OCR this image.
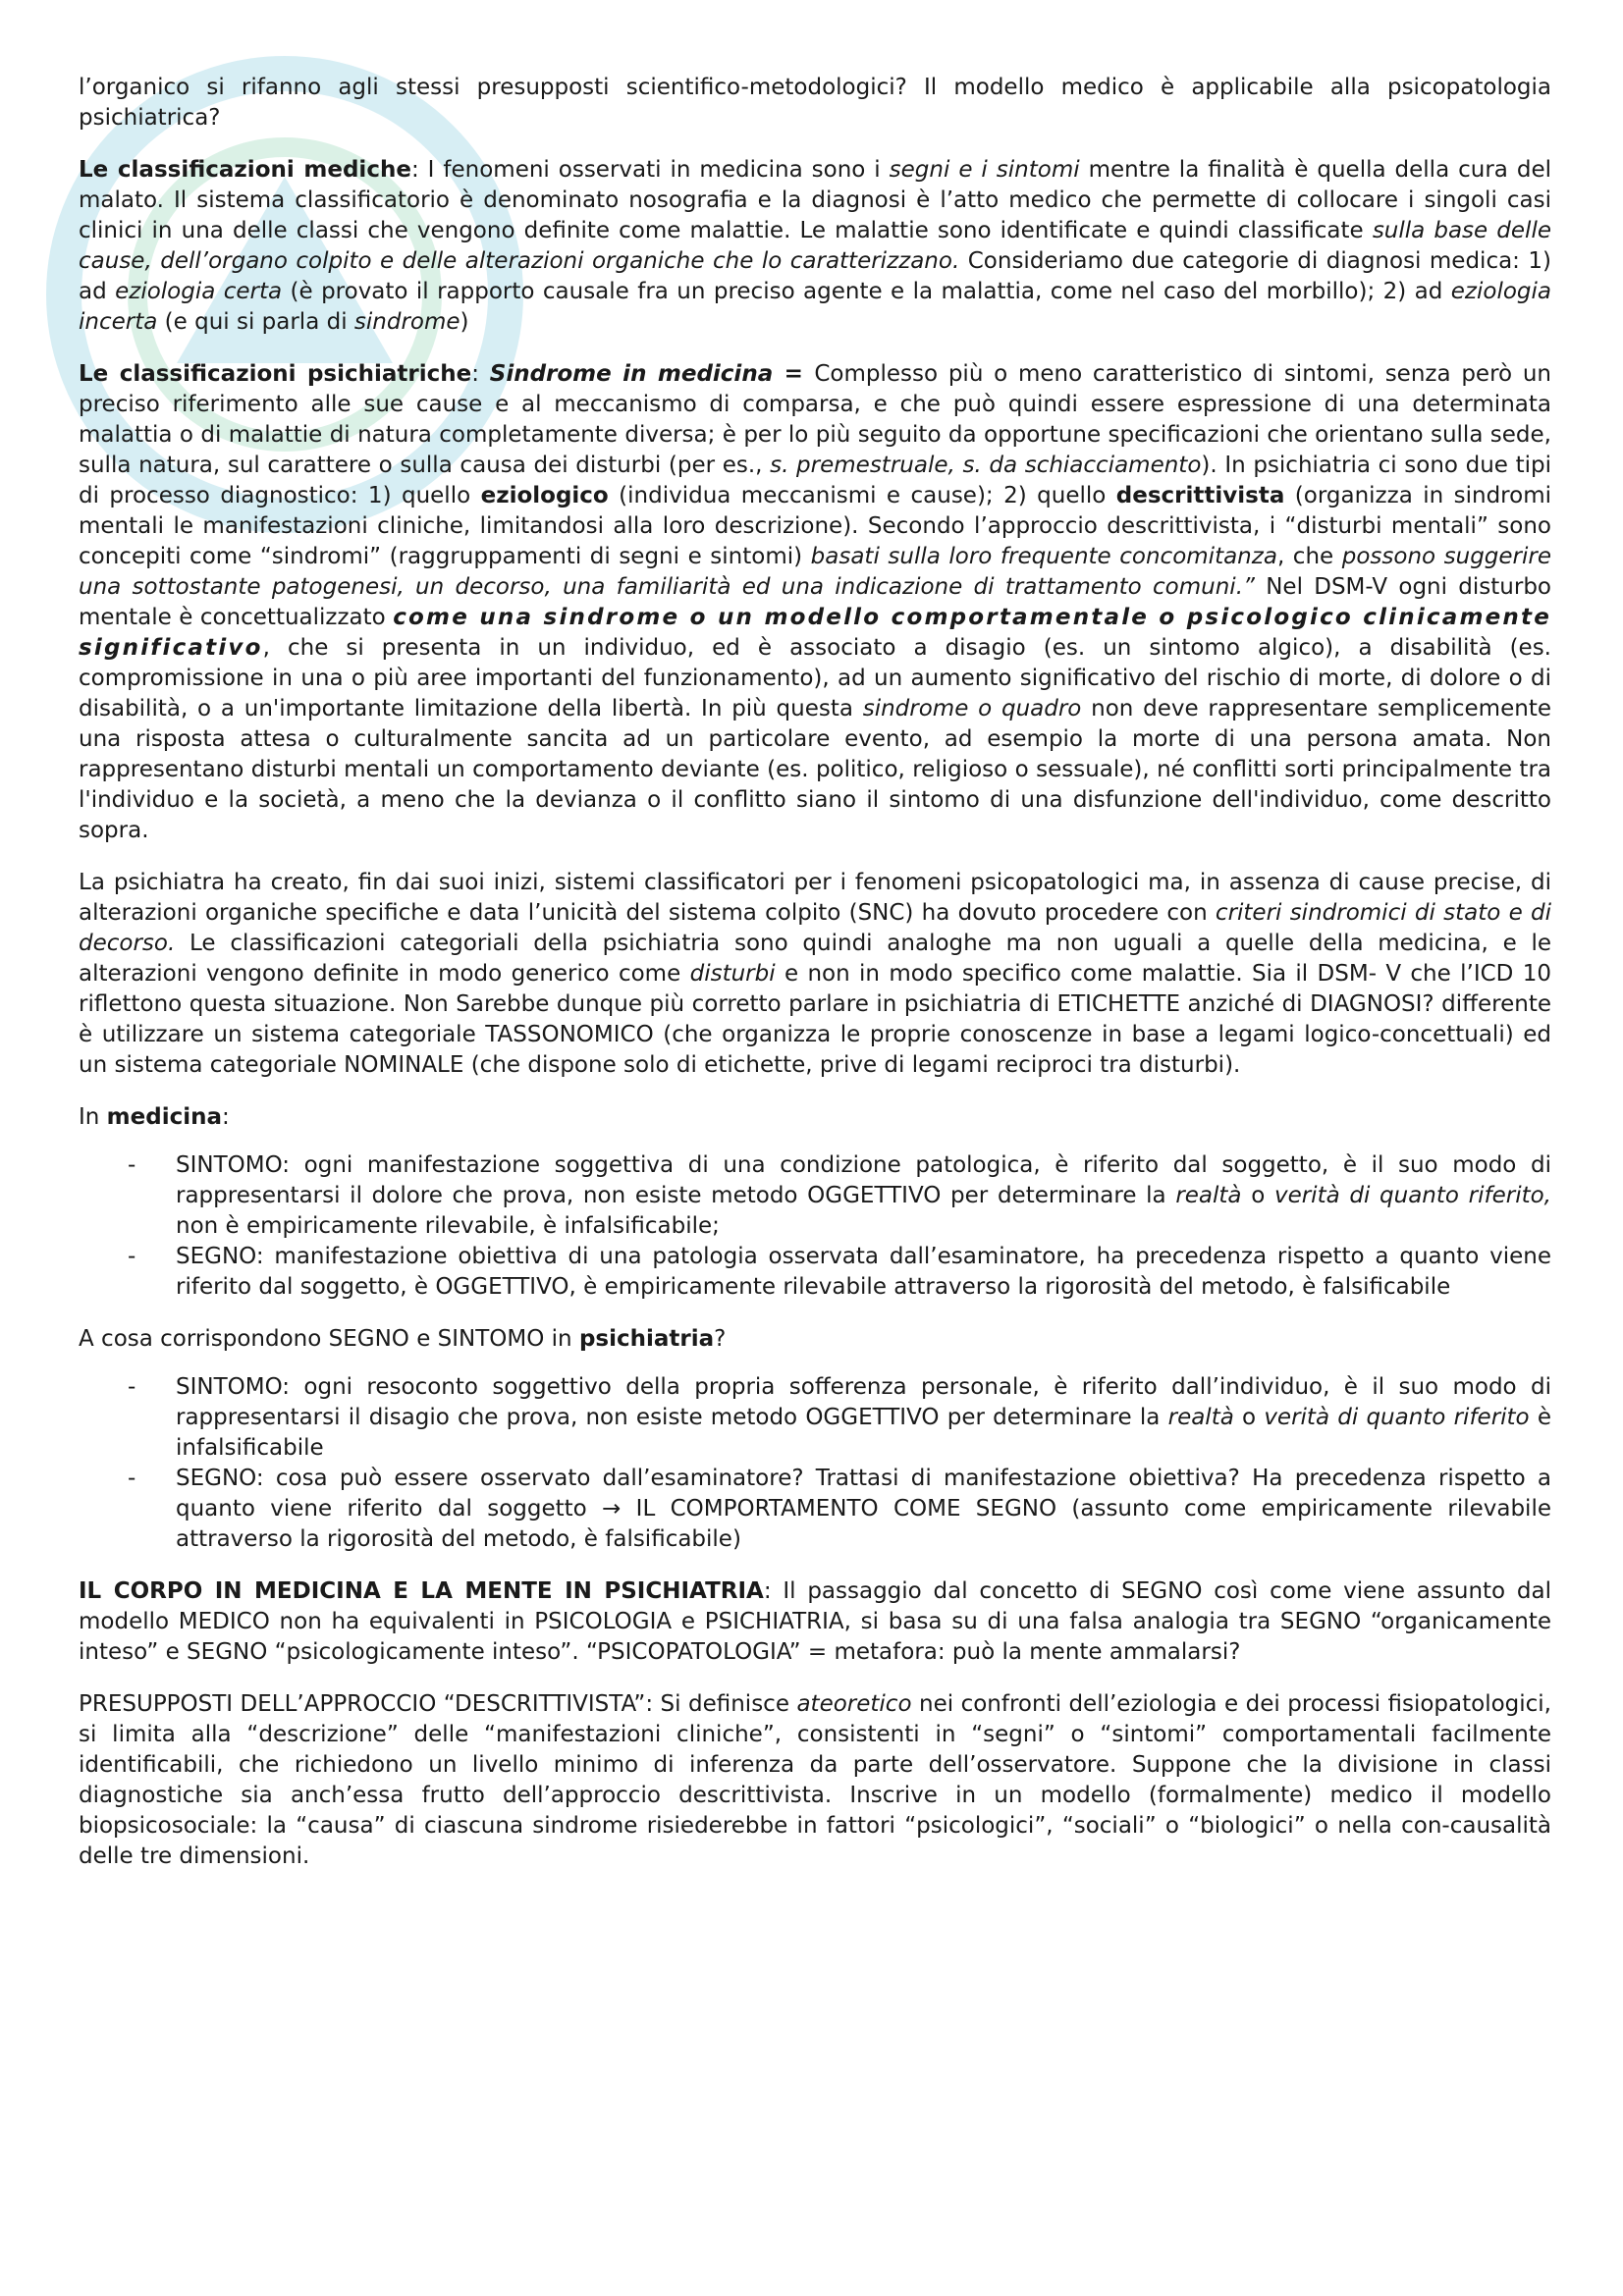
l’organico si rifanno agli stessi presupposti scientifico-metodologici? Il modello medico è applicabile alla psicopatologia psichiatrica?

Le classificazioni mediche: I fenomeni osservati in medicina sono i segni e i sintomi mentre la finalità è quella della cura del malato. Il sistema classificatorio è denominato nosografia e la diagnosi è l’atto medico che permette di collocare i singoli casi clinici in una delle classi che vengono definite come malattie. Le malattie sono identificate e quindi classificate sulla base delle cause, dell’organo colpito e delle alterazioni organiche che lo caratterizzano. Consideriamo due categorie di diagnosi medica: 1) ad eziologia certa (è provato il rapporto causale fra un preciso agente e la malattia, come nel caso del morbillo); 2) ad eziologia incerta (e qui si parla di sindrome)

Le classificazioni psichiatriche: Sindrome in medicina = Complesso più o meno caratteristico di sintomi, senza però un preciso riferimento alle sue cause e al meccanismo di comparsa, e che può quindi essere espressione di una determinata malattia o di malattie di natura completamente diversa; è per lo più seguito da opportune specificazioni che orientano sulla sede, sulla natura, sul carattere o sulla causa dei disturbi (per es., s. premestruale, s. da schiacciamento). In psichiatria ci sono due tipi di processo diagnostico: 1) quello eziologico (individua meccanismi e cause); 2) quello descrittivista (organizza in sindromi mentali le manifestazioni cliniche, limitandosi alla loro descrizione). Secondo l’approccio descrittivista, i “disturbi mentali” sono concepiti come “sindromi” (raggruppamenti di segni e sintomi) basati sulla loro frequente concomitanza, che possono suggerire una sottostante patogenesi, un decorso, una familiarità ed una indicazione di trattamento comuni.” Nel DSM-V ogni disturbo mentale è concettualizzato come una sindrome o un modello comportamentale o psicologico clinicamente significativo, che si presenta in un individuo, ed è associato a disagio (es. un sintomo algico), a disabilità (es. compromissione in una o più aree importanti del funzionamento), ad un aumento significativo del rischio di morte, di dolore o di disabilità, o a un'importante limitazione della libertà. In più questa sindrome o quadro non deve rappresentare semplicemente una risposta attesa o culturalmente sancita ad un particolare evento, ad esempio la morte di una persona amata. Non rappresentano disturbi mentali un comportamento deviante (es. politico, religioso o sessuale), né conflitti sorti principalmente tra l'individuo e la società, a meno che la devianza o il conflitto siano il sintomo di una disfunzione dell'individuo, come descritto sopra.

La psichiatra ha creato, fin dai suoi inizi, sistemi classificatori per i fenomeni psicopatologici ma, in assenza di cause precise, di alterazioni organiche specifiche e data l’unicità del sistema colpito (SNC) ha dovuto procedere con criteri sindromici di stato e di decorso. Le classificazioni categoriali della psichiatria sono quindi analoghe ma non uguali a quelle della medicina, e le alterazioni vengono definite in modo generico come disturbi e non in modo specifico come malattie. Sia il DSM- V che l’ICD 10 riflettono questa situazione. Non Sarebbe dunque più corretto parlare in psichiatria di ETICHETTE anziché di DIAGNOSI? differente è utilizzare un sistema categoriale TASSONOMICO (che organizza le proprie conoscenze in base a legami logico-concettuali) ed un sistema categoriale NOMINALE (che dispone solo di etichette, prive di legami reciproci tra disturbi).

In medicina:

- SINTOMO: ogni manifestazione soggettiva di una condizione patologica, è riferito dal soggetto, è il suo modo di rappresentarsi il dolore che prova, non esiste metodo OGGETTIVO per determinare la realtà o verità di quanto riferito, non è empiricamente rilevabile, è infalsificabile;
- SEGNO: manifestazione obiettiva di una patologia osservata dall’esaminatore, ha precedenza rispetto a quanto viene riferito dal soggetto, è OGGETTIVO, è empiricamente rilevabile attraverso la rigorosità del metodo, è falsificabile

A cosa corrispondono SEGNO e SINTOMO in psichiatria?

- SINTOMO: ogni resoconto soggettivo della propria sofferenza personale, è riferito dall’individuo, è il suo modo di rappresentarsi il disagio che prova, non esiste metodo OGGETTIVO per determinare la realtà o verità di quanto riferito è infalsificabile
- SEGNO: cosa può essere osservato dall’esaminatore? Trattasi di manifestazione obiettiva? Ha precedenza rispetto a quanto viene riferito dal soggetto → IL COMPORTAMENTO COME SEGNO (assunto come empiricamente rilevabile attraverso la rigorosità del metodo, è falsificabile)

IL CORPO IN MEDICINA E LA MENTE IN PSICHIATRIA: Il passaggio dal concetto di SEGNO così come viene assunto dal modello MEDICO non ha equivalenti in PSICOLOGIA e PSICHIATRIA, si basa su di una falsa analogia tra SEGNO “organicamente inteso” e SEGNO “psicologicamente inteso”. “PSICOPATOLOGIA” = metafora: può la mente ammalarsi?

PRESUPPOSTI DELL’APPROCCIO “DESCRITTIVISTA”: Si definisce ateoretico nei confronti dell’eziologia e dei processi fisiopatologici, si limita alla “descrizione” delle “manifestazioni cliniche”, consistenti in “segni” o “sintomi” comportamentali facilmente identificabili, che richiedono un livello minimo di inferenza da parte dell’osservatore. Suppone che la divisione in classi diagnostiche sia anch’essa frutto dell’approccio descrittivista. Inscrive in un modello (formalmente) medico il modello biopsicosociale: la “causa” di ciascuna sindrome risiederebbe in fattori “psicologici”, “sociali” o “biologici” o nella con-causalità delle tre dimensioni.
